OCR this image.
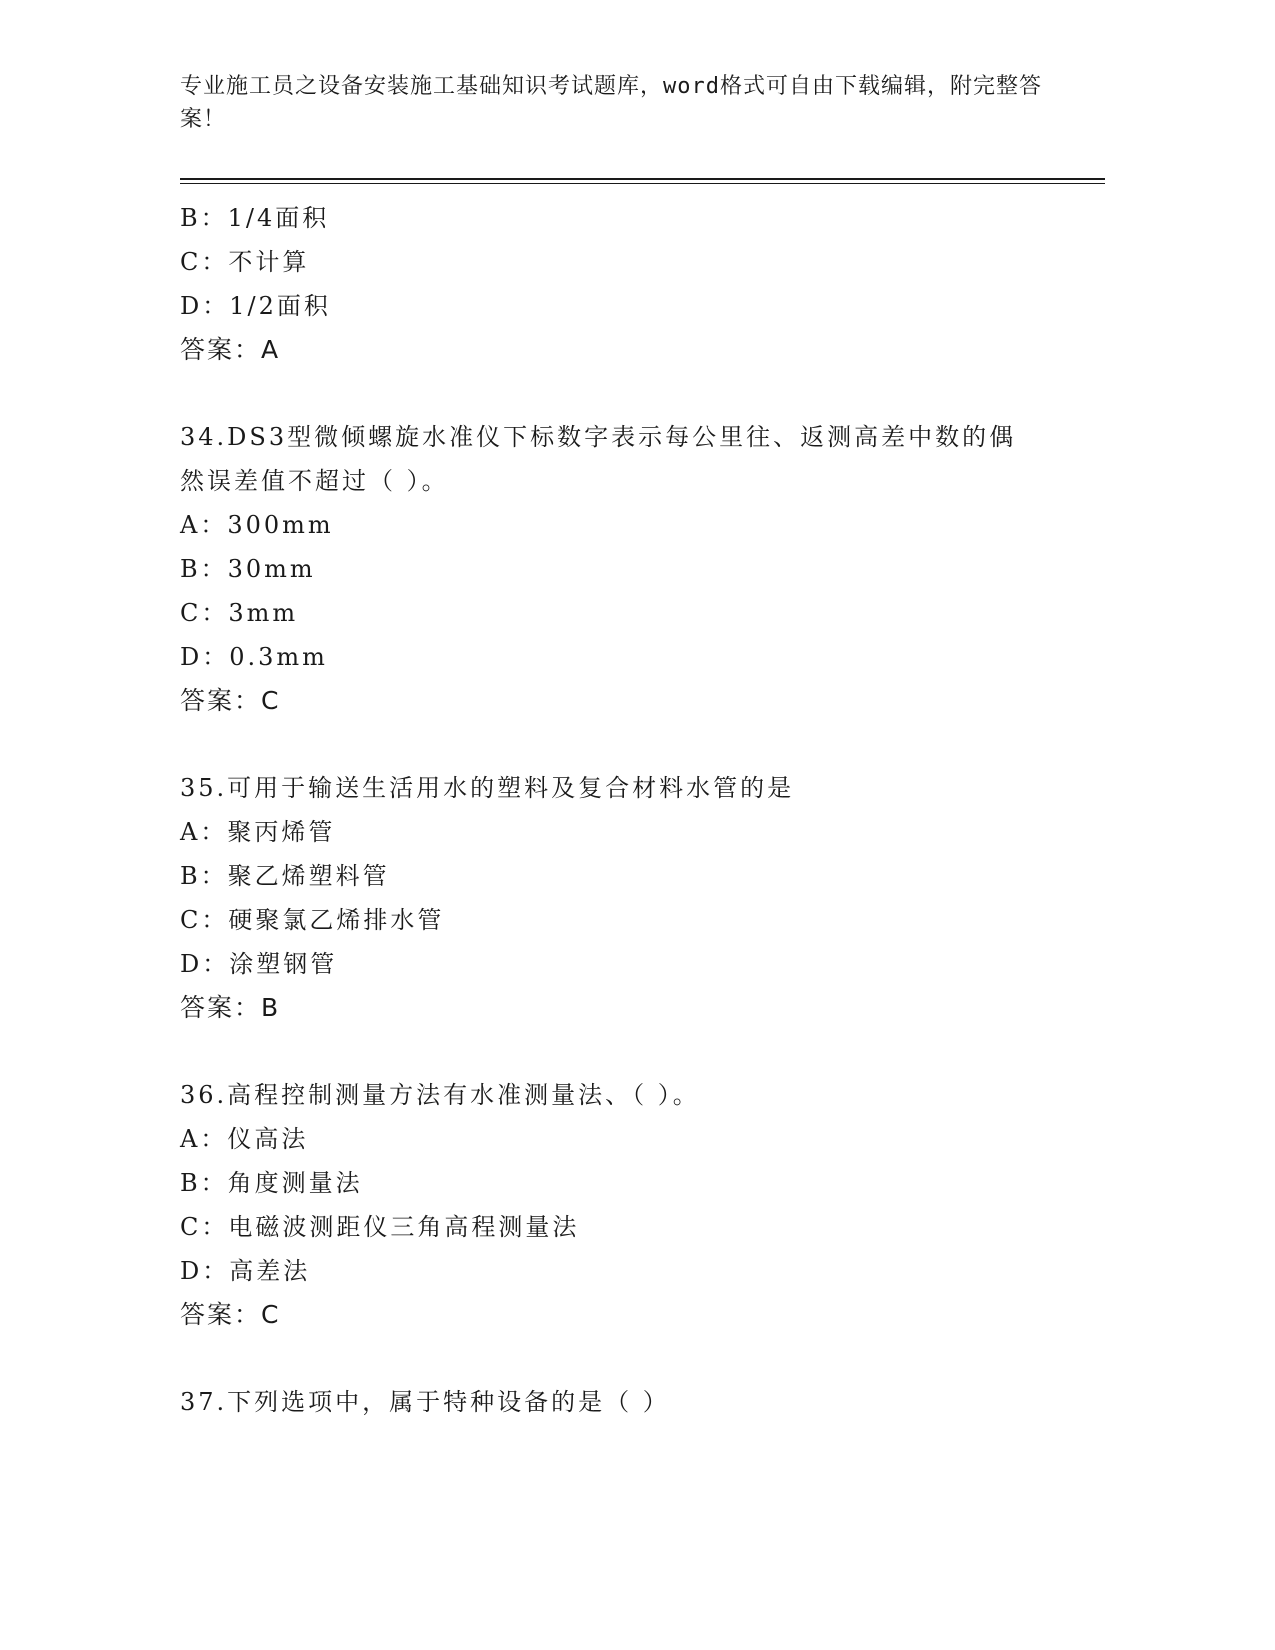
专业施工员之设备安装施工基础知识考试题库，word格式可自由下载编辑，附完整答案！
B：1/4面积
C：不计算
D：1/2面积
答案：A
34.DS3型微倾螺旋水准仪下标数字表示每公里往、返测高差中数的偶然误差值不超过（ ）。
A：300mm
B：30mm
C：3mm
D：0.3mm
答案：C
35.可用于输送生活用水的塑料及复合材料水管的是
A：聚丙烯管
B：聚乙烯塑料管
C：硬聚氯乙烯排水管
D：涂塑钢管
答案：B
36.高程控制测量方法有水准测量法、（ ）。
A：仪高法
B：角度测量法
C：电磁波测距仪三角高程测量法
D：高差法
答案：C
37.下列选项中，属于特种设备的是（ ）
